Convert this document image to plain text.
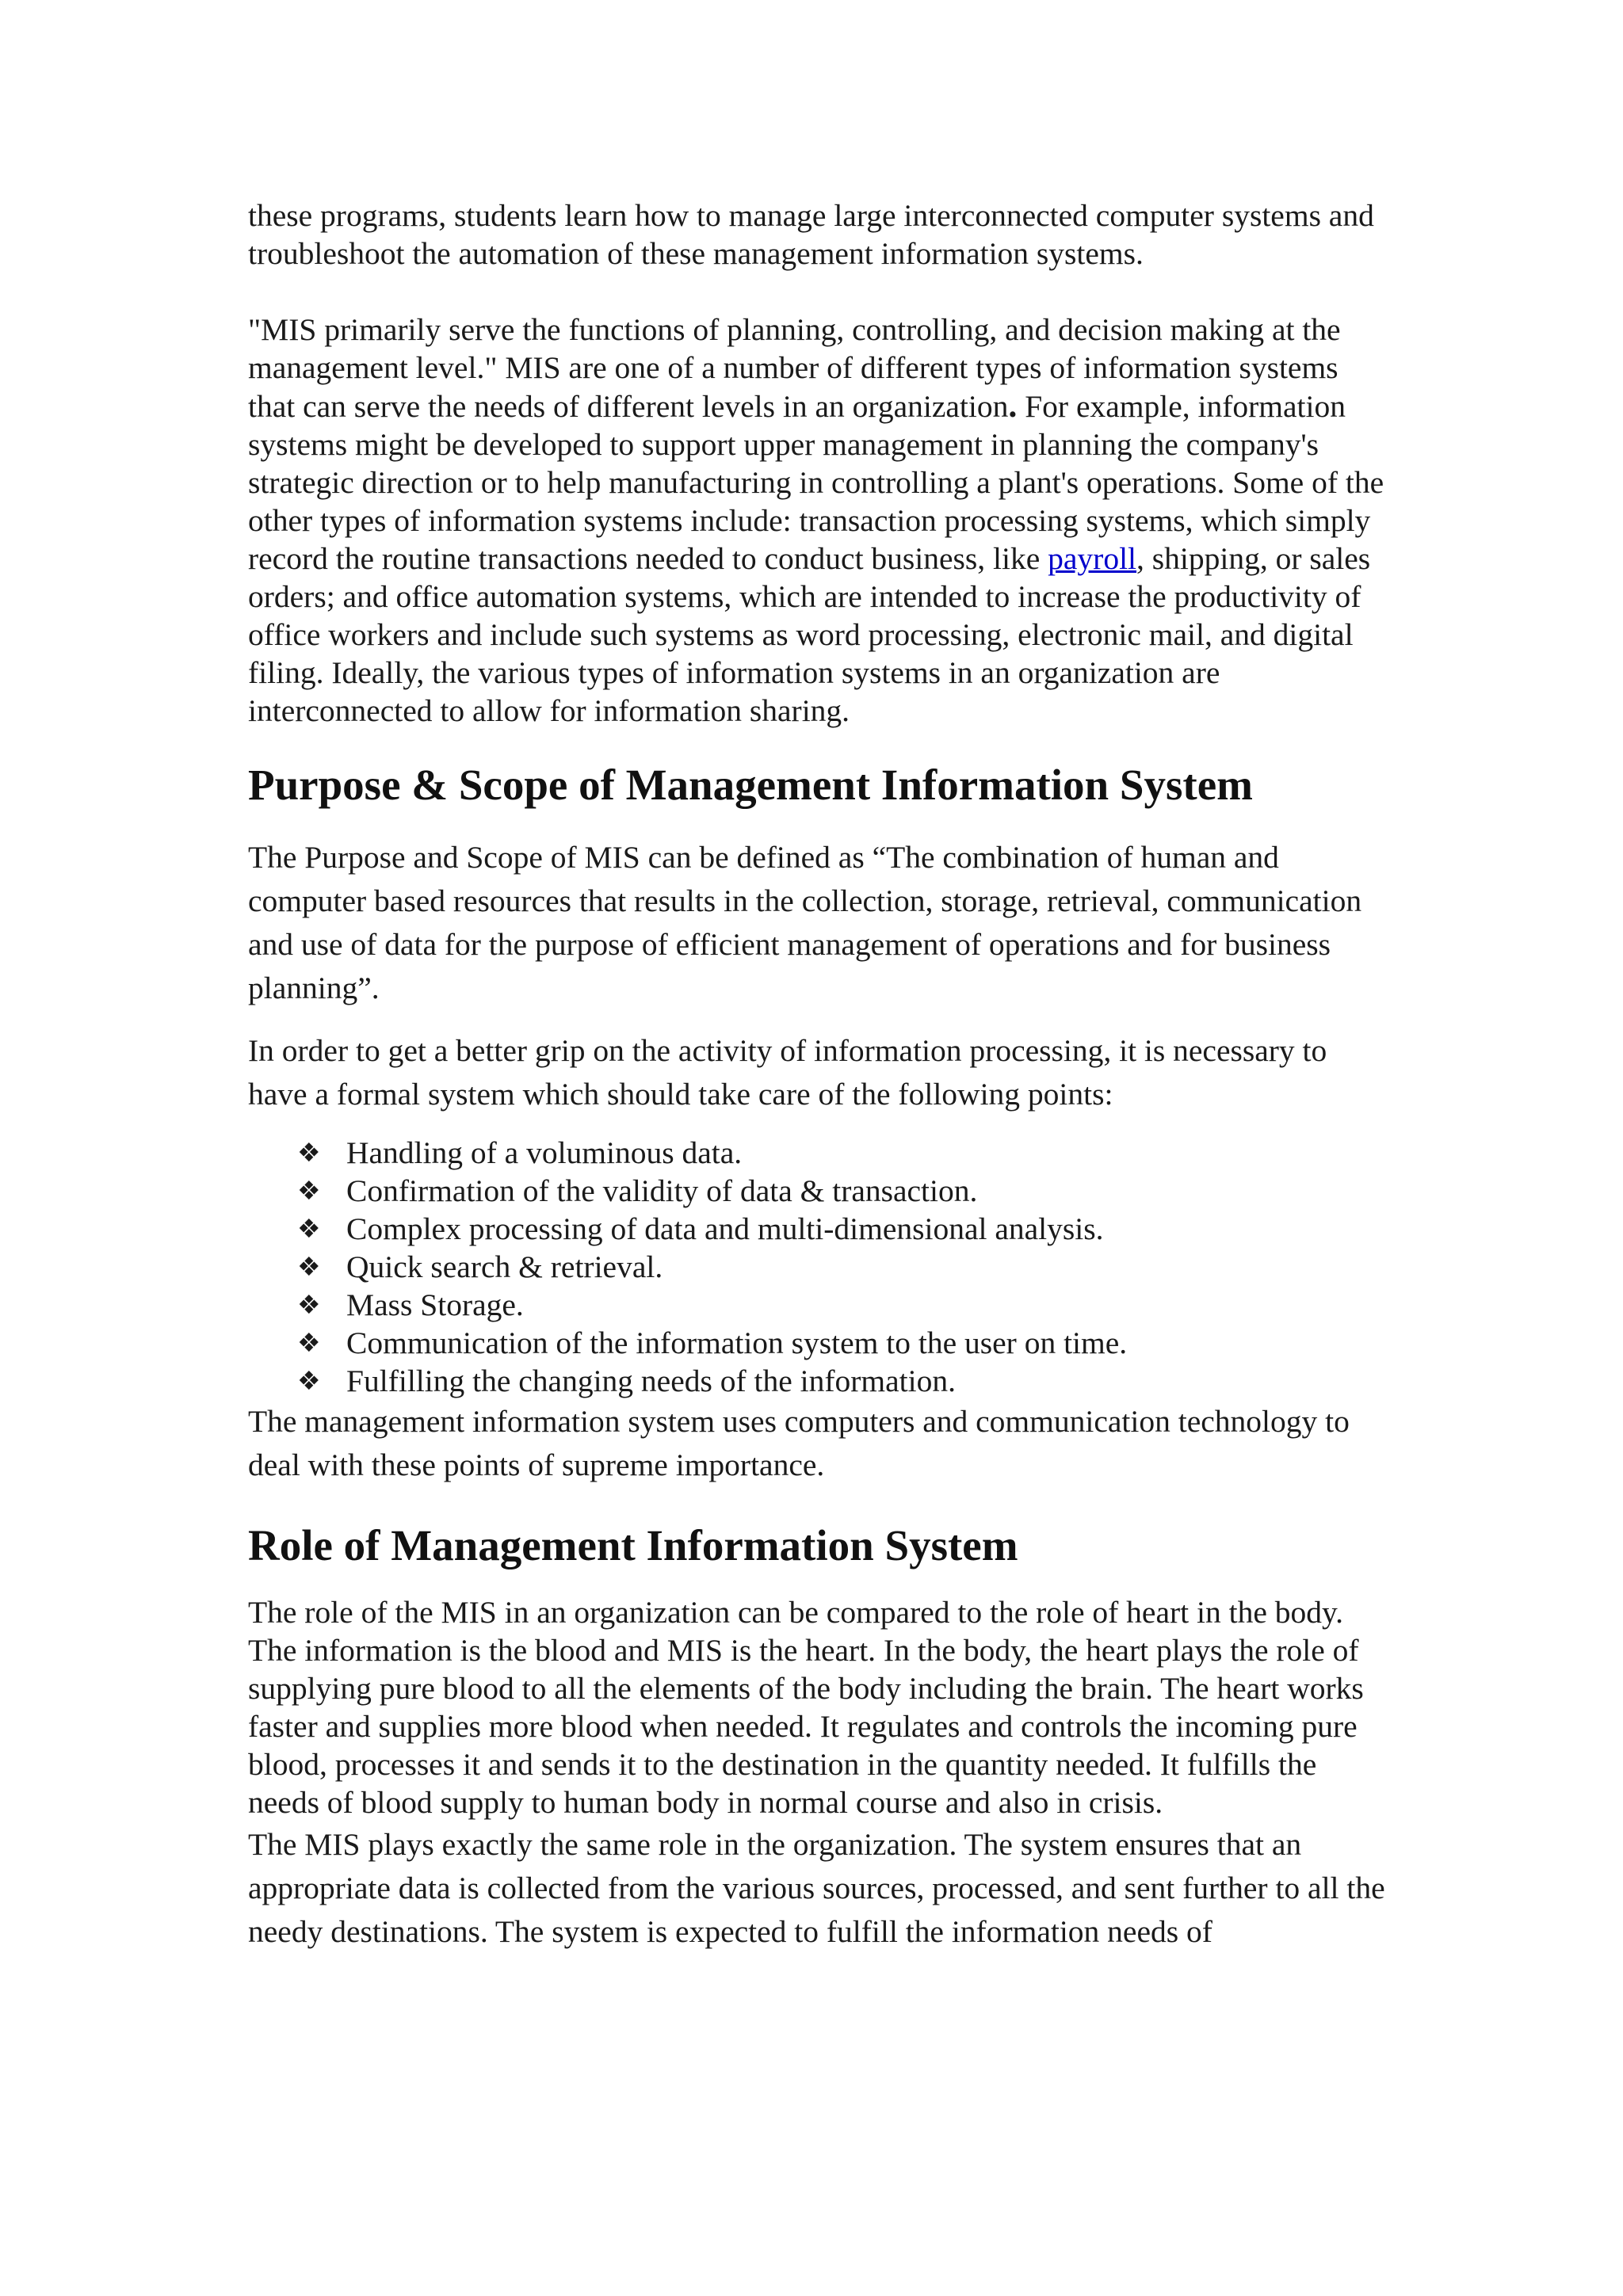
these programs, students learn how to manage large interconnected computer systems and troubleshoot the automation of these management information systems.

"MIS primarily serve the functions of planning, controlling, and decision making at the management level." MIS are one of a number of different types of information systems that can serve the needs of different levels in an organization. For example, information systems might be developed to support upper management in planning the company's strategic direction or to help manufacturing in controlling a plant's operations. Some of the other types of information systems include: transaction processing systems, which simply record the routine transactions needed to conduct business, like payroll, shipping, or sales orders; and office automation systems, which are intended to increase the productivity of office workers and include such systems as word processing, electronic mail, and digital filing. Ideally, the various types of information systems in an organization are interconnected to allow for information sharing.

Purpose & Scope of Management Information System

The Purpose and Scope of MIS can be defined as “The combination of human and computer based resources that results in the collection, storage, retrieval, communication and use of data for the purpose of efficient management of operations and for business planning”.

In order to get a better grip on the activity of information processing, it is necessary to have a formal system which should take care of the following points:

❖ Handling of a voluminous data.
❖ Confirmation of the validity of data & transaction.
❖ Complex processing of data and multi-dimensional analysis.
❖ Quick search & retrieval.
❖ Mass Storage.
❖ Communication of the information system to the user on time.
❖ Fulfilling the changing needs of the information.

The management information system uses computers and communication technology to deal with these points of supreme importance.

Role of Management Information System

The role of the MIS in an organization can be compared to the role of heart in the body. The information is the blood and MIS is the heart. In the body, the heart plays the role of supplying pure blood to all the elements of the body including the brain. The heart works faster and supplies more blood when needed. It regulates and controls the incoming pure blood, processes it and sends it to the destination in the quantity needed. It fulfills the needs of blood supply to human body in normal course and also in crisis.

The MIS plays exactly the same role in the organization. The system ensures that an appropriate data is collected from the various sources, processed, and sent further to all the needy destinations. The system is expected to fulfill the information needs of
